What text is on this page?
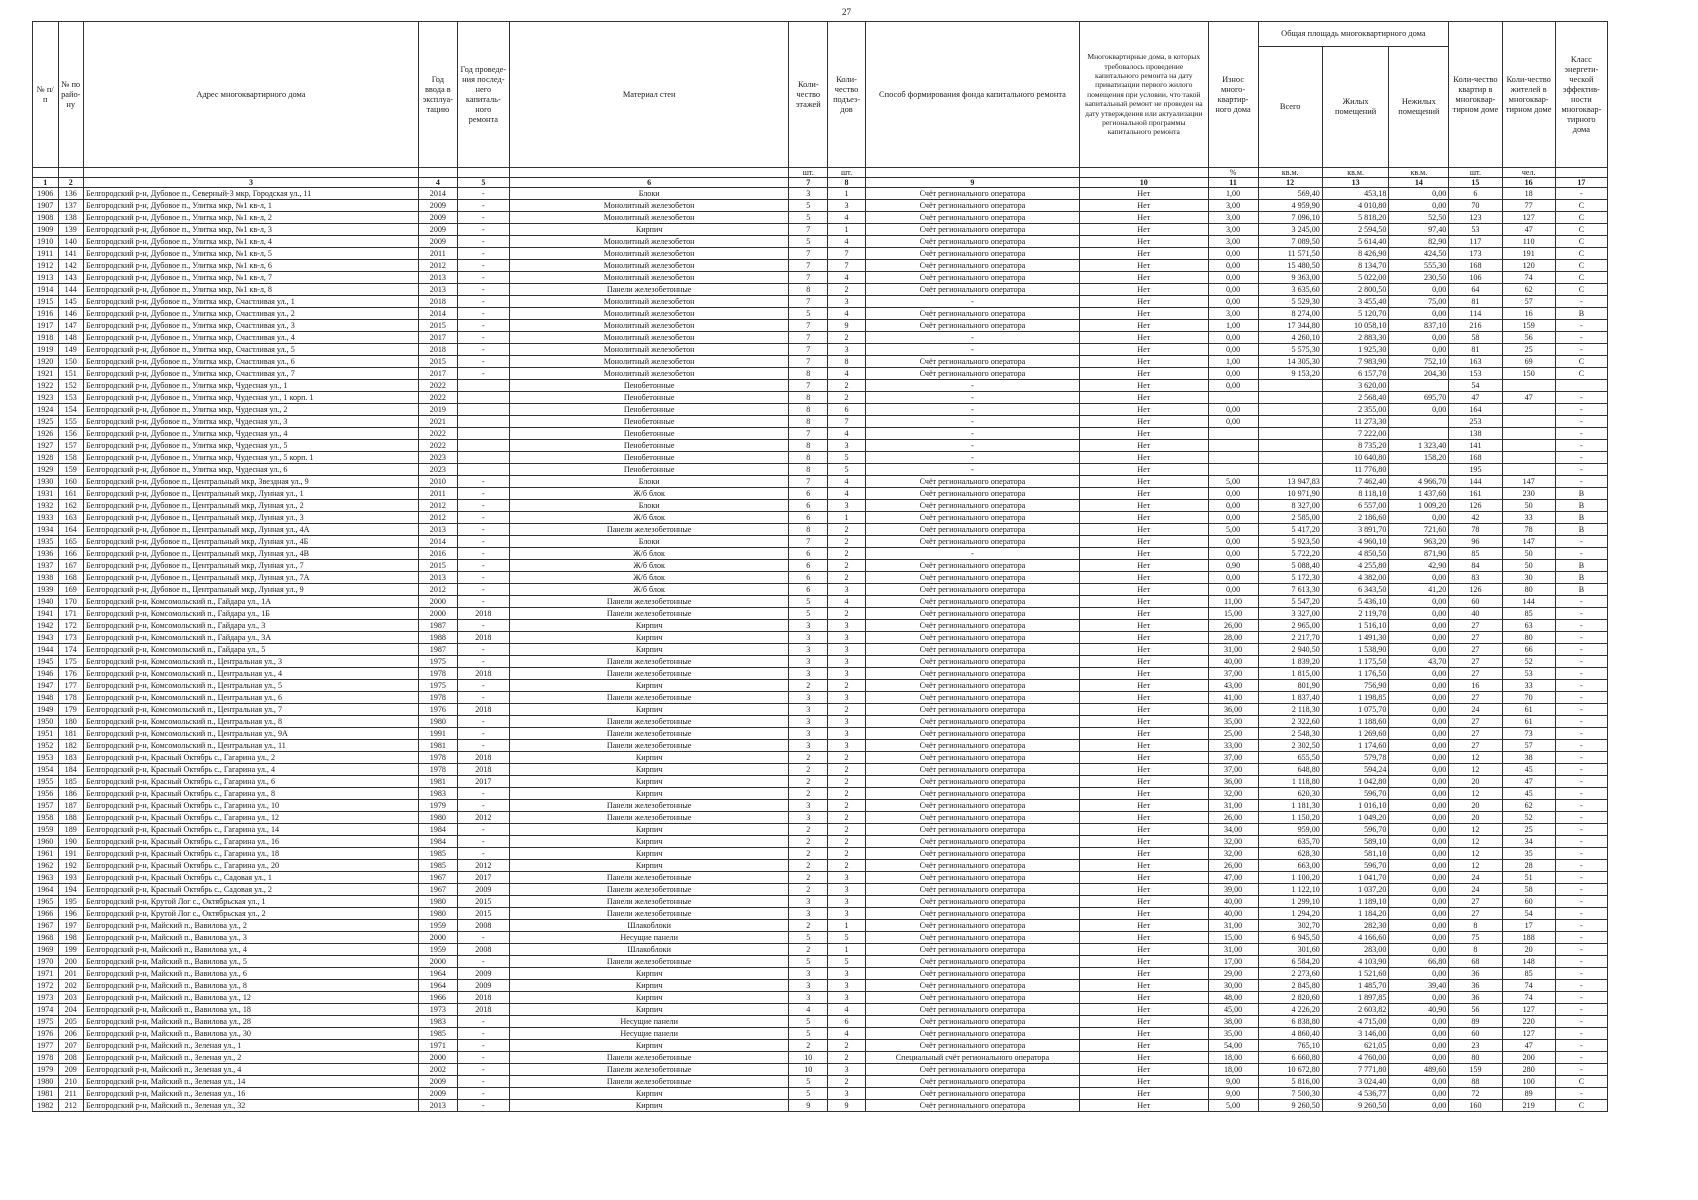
27
№ п/п	№ по райо-ну	Адрес многоквартирного дома	Год ввода в эксплуа-тацию	Год проведе-ния послед-него капиталь-ного ремонта	Материал стен	Коли-чество этажей	Коли-чество подъез-дов	Способ формирования фонда капитального ремонта	Многоквартирные дома, в которых требовалось проведение капитального ремонта на дату приватизации первого жилого помещения при условии, что такой капитальный ремонт не проведен на дату утверждения или актуализации региональной программы капитального ремонта	Износ много-квартир-ного дома	Общая площадь многоквартирного дома			Коли-чество квартир в многоквар-тирном доме	Коли-чество жителей в многоквар-тирном доме	Класс энергети-ческой эффектив-ности многоквар-тирного дома
											Всего	Жилых помещений	Нежилых помещений			
						шт.	шт.			%	кв.м.	кв.м.	кв.м.	шт.	чел.	
1	2	3	4	5	6	7	8	9	10	11	12	13	14	15	16	17
1906	136	Белгородский р-н, Дубовое п., Северный-3 мкр, Городская ул., 11	2014	-	Блоки	3	1	Счёт регионального оператора	Нет	1,00	569,40	453,18	0,00	6	18	-
1907	137	Белгородский р-н, Дубовое п., Улитка мкр, №1 кв-л, 1	2009	-	Монолитный железобетон	5	3	Счёт регионального оператора	Нет	3,00	4 959,90	4 010,80	0,00	70	77	С
1908	138	Белгородский р-н, Дубовое п., Улитка мкр, №1 кв-л, 2	2009	-	Монолитный железобетон	5	4	Счёт регионального оператора	Нет	3,00	7 096,10	5 818,20	52,50	123	127	С
1909	139	Белгородский р-н, Дубовое п., Улитка мкр, №1 кв-л, 3	2009	-	Кирпич	7	1	Счёт регионального оператора	Нет	3,00	3 245,00	2 594,50	97,40	53	47	С
1910	140	Белгородский р-н, Дубовое п., Улитка мкр, №1 кв-л, 4	2009	-	Монолитный железобетон	5	4	Счёт регионального оператора	Нет	3,00	7 089,50	5 614,40	82,90	117	110	С
1911	141	Белгородский р-н, Дубовое п., Улитка мкр, №1 кв-л, 5	2011	-	Монолитный железобетон	7	7	Счёт регионального оператора	Нет	0,00	11 571,50	8 426,90	424,50	173	191	С
1912	142	Белгородский р-н, Дубовое п., Улитка мкр, №1 кв-л, 6	2012	-	Монолитный железобетон	7	7	Счёт регионального оператора	Нет	0,00	15 480,50	8 134,70	555,30	168	120	С
1913	143	Белгородский р-н, Дубовое п., Улитка мкр, №1 кв-л, 7	2013	-	Монолитный железобетон	7	4	Счёт регионального оператора	Нет	0,00	9 363,00	5 022,00	230,50	106	74	С
1914	144	Белгородский р-н, Дубовое п., Улитка мкр, №1 кв-л, 8	2013	-	Панели железобетонные	8	2	Счёт регионального оператора	Нет	0,00	3 635,60	2 800,50	0,00	64	62	С
1915	145	Белгородский р-н, Дубовое п., Улитка мкр, Счастливая ул., 1	2018	-	Монолитный железобетон	7	3	-	Нет	0,00	5 529,30	3 455,40	75,00	81	57	-
1916	146	Белгородский р-н, Дубовое п., Улитка мкр, Счастливая ул., 2	2014	-	Монолитный железобетон	5	4	Счёт регионального оператора	Нет	3,00	8 274,00	5 120,70	0,00	114	16	В
1917	147	Белгородский р-н, Дубовое п., Улитка мкр, Счастливая ул., 3	2015	-	Монолитный железобетон	7	9	Счёт регионального оператора	Нет	1,00	17 344,80	10 058,10	837,10	216	159	-
1918	148	Белгородский р-н, Дубовое п., Улитка мкр, Счастливая ул., 4	2017	-	Монолитный железобетон	7	2	-	Нет	0,00	4 260,10	2 883,30	0,00	58	56	-
1919	149	Белгородский р-н, Дубовое п., Улитка мкр, Счастливая ул., 5	2018	-	Монолитный железобетон	7	3	-	Нет	0,00	5 575,30	1 925,30	0,00	81	25	-
1920	150	Белгородский р-н, Дубовое п., Улитка мкр, Счастливая ул., 6	2015	-	Монолитный железобетон	7	8	Счёт регионального оператора	Нет	1,00	14 305,30	7 983,90	752,10	163	69	С
1921	151	Белгородский р-н, Дубовое п., Улитка мкр, Счастливая ул., 7	2017	-	Монолитный железобетон	8	4	Счёт регионального оператора	Нет	0,00	9 153,20	6 157,70	204,30	153	150	С
1922	152	Белгородский р-н, Дубовое п., Улитка мкр, Чудесная ул., 1	2022		Пенобетонные	7	2	-	Нет	0,00		3 620,00		54		
1923	153	Белгородский р-н, Дубовое п., Улитка мкр, Чудесная ул., 1 корп. 1	2022		Пенобетонные	8	2	-	Нет			2 568,40	695,70	47	47	-
1924	154	Белгородский р-н, Дубовое п., Улитка мкр, Чудесная ул., 2	2019		Пенобетонные	8	6	-	Нет	0,00		2 355,00	0,00	164		-
1925	155	Белгородский р-н, Дубовое п., Улитка мкр, Чудесная ул., 3	2021		Пенобетонные	8	7	-	Нет	0,00		11 273,30		253		-
1926	156	Белгородский р-н, Дубовое п., Улитка мкр, Чудесная ул., 4	2022		Пенобетонные	7	4	-	Нет			7 222,00		138		-
1927	157	Белгородский р-н, Дубовое п., Улитка мкр, Чудесная ул., 5	2022		Пенобетонные	8	3	-	Нет			8 735,20	1 323,40	141		-
1928	158	Белгородский р-н, Дубовое п., Улитка мкр, Чудесная ул., 5 корп. 1	2023		Пенобетонные	8	5	-	Нет			10 640,80	158,20	168		-
1929	159	Белгородский р-н, Дубовое п., Улитка мкр, Чудесная ул., 6	2023		Пенобетонные	8	5	-	Нет			11 776,80		195		-
1930	160	Белгородский р-н, Дубовое п., Центральный мкр, Звездная ул., 9	2010	-	Блоки	7	4	Счёт регионального оператора	Нет	5,00	13 947,83	7 462,40	4 966,70	144	147	-
1931	161	Белгородский р-н, Дубовое п., Центральный мкр, Лунная ул., 1	2011	-	Ж/б блок	6	4	Счёт регионального оператора	Нет	0,00	10 971,90	8 118,10	1 437,60	161	230	В
1932	162	Белгородский р-н, Дубовое п., Центральный мкр, Лунная ул., 2	2012	-	Блоки	6	3	Счёт регионального оператора	Нет	0,00	8 327,00	6 557,00	1 009,20	126	50	В
1933	163	Белгородский р-н, Дубовое п., Центральный мкр, Лунная ул., 3	2012	-	Ж/б блок	6	1	Счёт регионального оператора	Нет	0,00	2 585,00	2 186,60	0,00	42	33	В
1934	164	Белгородский р-н, Дубовое п., Центральный мкр, Лунная ул., 4А	2013	-	Панели железобетонные	8	2	Счёт регионального оператора	Нет	5,00	5 417,20	3 891,70	721,60	78	78	В
1935	165	Белгородский р-н, Дубовое п., Центральный мкр, Лунная ул., 4Б	2014	-	Блоки	7	2	Счёт регионального оператора	Нет	0,00	5 923,50	4 960,10	963,20	96	147	-
1936	166	Белгородский р-н, Дубовое п., Центральный мкр, Лунная ул., 4В	2016	-	Ж/б блок	6	2	-	Нет	0,00	5 722,20	4 850,50	871,90	85	50	-
1937	167	Белгородский р-н, Дубовое п., Центральный мкр, Лунная ул., 7	2015	-	Ж/б блок	6	2	Счёт регионального оператора	Нет	0,90	5 088,40	4 255,80	42,90	84	50	В
1938	168	Белгородский р-н, Дубовое п., Центральный мкр, Лунная ул., 7А	2013	-	Ж/б блок	6	2	Счёт регионального оператора	Нет	0,00	5 172,30	4 382,00	0,00	83	30	В
1939	169	Белгородский р-н, Дубовое п., Центральный мкр, Лунная ул., 9	2012	-	Ж/б блок	6	3	Счёт регионального оператора	Нет	0,00	7 613,30	6 343,50	41,20	126	80	В
1940	170	Белгородский р-н, Комсомольский п., Гайдара ул., 1А	2000	-	Панели железобетонные	5	4	Счёт регионального оператора	Нет	11,00	5 547,20	5 436,10	0,00	60	144	-
1941	171	Белгородский р-н, Комсомольский п., Гайдара ул., 1Б	2000	2018	Панели железобетонные	5	2	Счёт регионального оператора	Нет	15,00	3 327,00	2 119,70	0,00	40	85	-
1942	172	Белгородский р-н, Комсомольский п., Гайдара ул., 3	1987	-	Кирпич	3	3	Счёт регионального оператора	Нет	26,00	2 965,00	1 516,10	0,00	27	63	-
1943	173	Белгородский р-н, Комсомольский п., Гайдара ул., 3А	1988	2018	Кирпич	3	3	Счёт регионального оператора	Нет	28,00	2 217,70	1 491,30	0,00	27	80	-
1944	174	Белгородский р-н, Комсомольский п., Гайдара ул., 5	1987	-	Кирпич	3	3	Счёт регионального оператора	Нет	31,00	2 940,50	1 538,90	0,00	27	66	-
1945	175	Белгородский р-н, Комсомольский п., Центральная ул., 3	1975	-	Панели железобетонные	3	3	Счёт регионального оператора	Нет	40,00	1 839,20	1 175,50	43,70	27	52	-
1946	176	Белгородский р-н, Комсомольский п., Центральная ул., 4	1978	2018	Панели железобетонные	3	3	Счёт регионального оператора	Нет	37,00	1 815,00	1 176,50	0,00	27	53	-
1947	177	Белгородский р-н, Комсомольский п., Центральная ул., 5	1975	-	Кирпич	2	2	Счёт регионального оператора	Нет	43,00	801,90	756,90	0,00	16	33	-
1948	178	Белгородский р-н, Комсомольский п., Центральная ул., 6	1978	-	Панели железобетонные	3	3	Счёт регионального оператора	Нет	41,00	1 837,40	1 198,85	0,00	27	70	-
1949	179	Белгородский р-н, Комсомольский п., Центральная ул., 7	1976	2018	Кирпич	3	2	Счёт регионального оператора	Нет	36,00	2 118,30	1 075,70	0,00	24	61	-
1950	180	Белгородский р-н, Комсомольский п., Центральная ул., 8	1980	-	Панели железобетонные	3	3	Счёт регионального оператора	Нет	35,00	2 322,60	1 188,60	0,00	27	61	-
1951	181	Белгородский р-н, Комсомольский п., Центральная ул., 9А	1991	-	Панели железобетонные	3	3	Счёт регионального оператора	Нет	25,00	2 548,30	1 269,60	0,00	27	73	-
1952	182	Белгородский р-н, Комсомольский п., Центральная ул., 11	1981	-	Панели железобетонные	3	3	Счёт регионального оператора	Нет	33,00	2 302,50	1 174,60	0,00	27	57	-
1953	183	Белгородский р-н, Красный Октябрь с., Гагарина ул., 2	1978	2018	Кирпич	2	2	Счёт регионального оператора	Нет	37,00	655,50	579,78	0,00	12	38	-
1954	184	Белгородский р-н, Красный Октябрь с., Гагарина ул., 4	1978	2018	Кирпич	2	2	Счёт регионального оператора	Нет	37,00	648,80	594,24	0,00	12	45	-
1955	185	Белгородский р-н, Красный Октябрь с., Гагарина ул., 6	1981	2017	Кирпич	2	2	Счёт регионального оператора	Нет	36,00	1 118,80	1 042,80	0,00	20	47	-
1956	186	Белгородский р-н, Красный Октябрь с., Гагарина ул., 8	1983	-	Кирпич	2	2	Счёт регионального оператора	Нет	32,00	620,30	596,70	0,00	12	45	-
1957	187	Белгородский р-н, Красный Октябрь с., Гагарина ул., 10	1979	-	Панели железобетонные	3	2	Счёт регионального оператора	Нет	31,00	1 181,30	1 016,10	0,00	20	62	-
1958	188	Белгородский р-н, Красный Октябрь с., Гагарина ул., 12	1980	2012	Панели железобетонные	3	2	Счёт регионального оператора	Нет	26,00	1 150,20	1 049,20	0,00	20	52	-
1959	189	Белгородский р-н, Красный Октябрь с., Гагарина ул., 14	1984	-	Кирпич	2	2	Счёт регионального оператора	Нет	34,00	959,00	596,70	0,00	12	25	-
1960	190	Белгородский р-н, Красный Октябрь с., Гагарина ул., 16	1984	-	Кирпич	2	2	Счёт регионального оператора	Нет	32,00	635,70	589,10	0,00	12	34	-
1961	191	Белгородский р-н, Красный Октябрь с., Гагарина ул., 18	1985	-	Кирпич	2	2	Счёт регионального оператора	Нет	32,00	628,30	581,10	0,00	12	35	-
1962	192	Белгородский р-н, Красный Октябрь с., Гагарина ул., 20	1985	2012	Кирпич	2	2	Счёт регионального оператора	Нет	26,00	663,00	596,70	0,00	12	28	-
1963	193	Белгородский р-н, Красный Октябрь с., Садовая ул., 1	1967	2017	Панели железобетонные	2	3	Счёт регионального оператора	Нет	47,00	1 100,20	1 041,70	0,00	24	51	-
1964	194	Белгородский р-н, Красный Октябрь с., Садовая ул., 2	1967	2009	Панели железобетонные	2	3	Счёт регионального оператора	Нет	39,00	1 122,10	1 037,20	0,00	24	58	-
1965	195	Белгородский р-н, Крутой Лог с., Октябрьская ул., 1	1980	2015	Панели железобетонные	3	3	Счёт регионального оператора	Нет	40,00	1 299,10	1 189,10	0,00	27	60	-
1966	196	Белгородский р-н, Крутой Лог с., Октябрьская ул., 2	1980	2015	Панели железобетонные	3	3	Счёт регионального оператора	Нет	40,00	1 294,20	1 184,20	0,00	27	54	-
1967	197	Белгородский р-н, Майский п., Вавилова ул., 2	1959	2008	Шлакоблоки	2	1	Счёт регионального оператора	Нет	31,00	302,70	282,30	0,00	8	17	-
1968	198	Белгородский р-н, Майский п., Вавилова ул., 3	2000	-	Несущие панели	5	5	Счёт регионального оператора	Нет	15,00	6 945,50	4 166,60	0,00	75	188	-
1969	199	Белгородский р-н, Майский п., Вавилова ул., 4	1959	2008	Шлакоблоки	2	1	Счёт регионального оператора	Нет	31,00	301,60	283,00	0,00	8	20	-
1970	200	Белгородский р-н, Майский п., Вавилова ул., 5	2000	-	Панели железобетонные	5	5	Счёт регионального оператора	Нет	17,00	6 584,20	4 103,90	66,80	68	148	-
1971	201	Белгородский р-н, Майский п., Вавилова ул., 6	1964	2009	Кирпич	3	3	Счёт регионального оператора	Нет	29,00	2 273,60	1 521,60	0,00	36	85	-
1972	202	Белгородский р-н, Майский п., Вавилова ул., 8	1964	2009	Кирпич	3	3	Счёт регионального оператора	Нет	30,00	2 845,80	1 485,70	39,40	36	74	-
1973	203	Белгородский р-н, Майский п., Вавилова ул., 12	1966	2018	Кирпич	3	3	Счёт регионального оператора	Нет	48,00	2 820,60	1 897,85	0,00	36	74	-
1974	204	Белгородский р-н, Майский п., Вавилова ул., 18	1973	2018	Кирпич	4	4	Счёт регионального оператора	Нет	45,00	4 226,20	2 603,82	40,90	56	127	-
1975	205	Белгородский р-н, Майский п., Вавилова ул., 28	1983	-	Несущие панели	5	6	Счёт регионального оператора	Нет	38,00	6 838,80	4 715,00	0,00	89	220	-
1976	206	Белгородский р-н, Майский п., Вавилова ул., 30	1985	-	Несущие панели	5	4	Счёт регионального оператора	Нет	35,00	4 860,40	3 146,00	0,00	60	127	-
1977	207	Белгородский р-н, Майский п., Зеленая ул., 1	1971	-	Кирпич	2	2	Счёт регионального оператора	Нет	54,00	765,10	621,05	0,00	23	47	-
1978	208	Белгородский р-н, Майский п., Зеленая ул., 2	2000	-	Панели железобетонные	10	2	Специальный счёт регионального оператора	Нет	18,00	6 660,80	4 760,00	0,00	80	200	-
1979	209	Белгородский р-н, Майский п., Зеленая ул., 4	2002	-	Панели железобетонные	10	3	Счёт регионального оператора	Нет	18,00	10 672,80	7 771,80	489,60	159	280	-
1980	210	Белгородский р-н, Майский п., Зеленая ул., 14	2009	-	Панели железобетонные	5	2	Счёт регионального оператора	Нет	9,00	5 816,00	3 024,40	0,00	88	100	С
1981	211	Белгородский р-н, Майский п., Зеленая ул., 16	2009	-	Кирпич	5	3	Счёт регионального оператора	Нет	9,00	7 500,30	4 536,77	0,00	72	89	-
1982	212	Белгородский р-н, Майский п., Зеленая ул., 32	2013	-	Кирпич	9	9	Счёт регионального оператора	Нет	5,00	9 260,50	9 260,50	0,00	160	219	С
